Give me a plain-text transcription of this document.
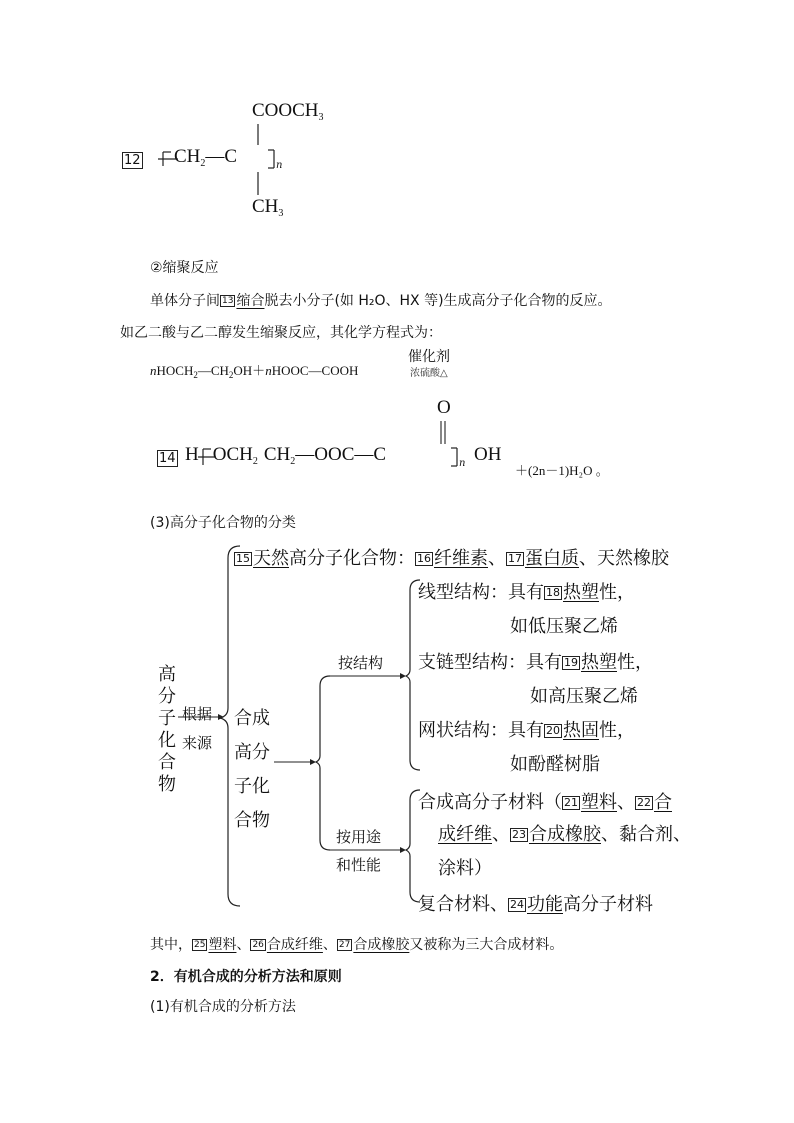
$COOCH_3$
12	$CH_2—C$	n
$CH_3$
②缩聚反应
单体分子间 13 缩合脱去小分子(如 H₂O、HX 等)生成高分子化合物的反应。
如乙二酸与乙二醇发生缩聚反应，其化学方程式为：
$nHOCH_2—CH_2OH+nHOOC—COOH$
催化剂
浓硫酸△
O
14 H $OCH_2$ $CH_2—OOC—C$	n OH
＋(2n－1)H₂O 。
(3)高分子化合物的分类
高
分
子
化
合
物
根据
来源
15 天然高分子化合物： 16 纤维素、 17 蛋白质、天然橡胶
合成
高分
子化
合物
按结构
按用途
和性能
线型结构：具有 18 热塑性，
如低压聚乙烯
支链型结构：具有 19 热塑性，
如高压聚乙烯
网状结构：具有 20 热固性，
如酚醛树脂
合成高分子材料（ 21 塑料、 22 合
成纤维、 23 合成橡胶、黏合剂、
涂料）
复合材料、 24 功能高分子材料
其中， 25 塑料、 26 合成纤维、 27 合成橡胶又被称为三大合成材料。
2．有机合成的分析方法和原则
(1)有机合成的分析方法
